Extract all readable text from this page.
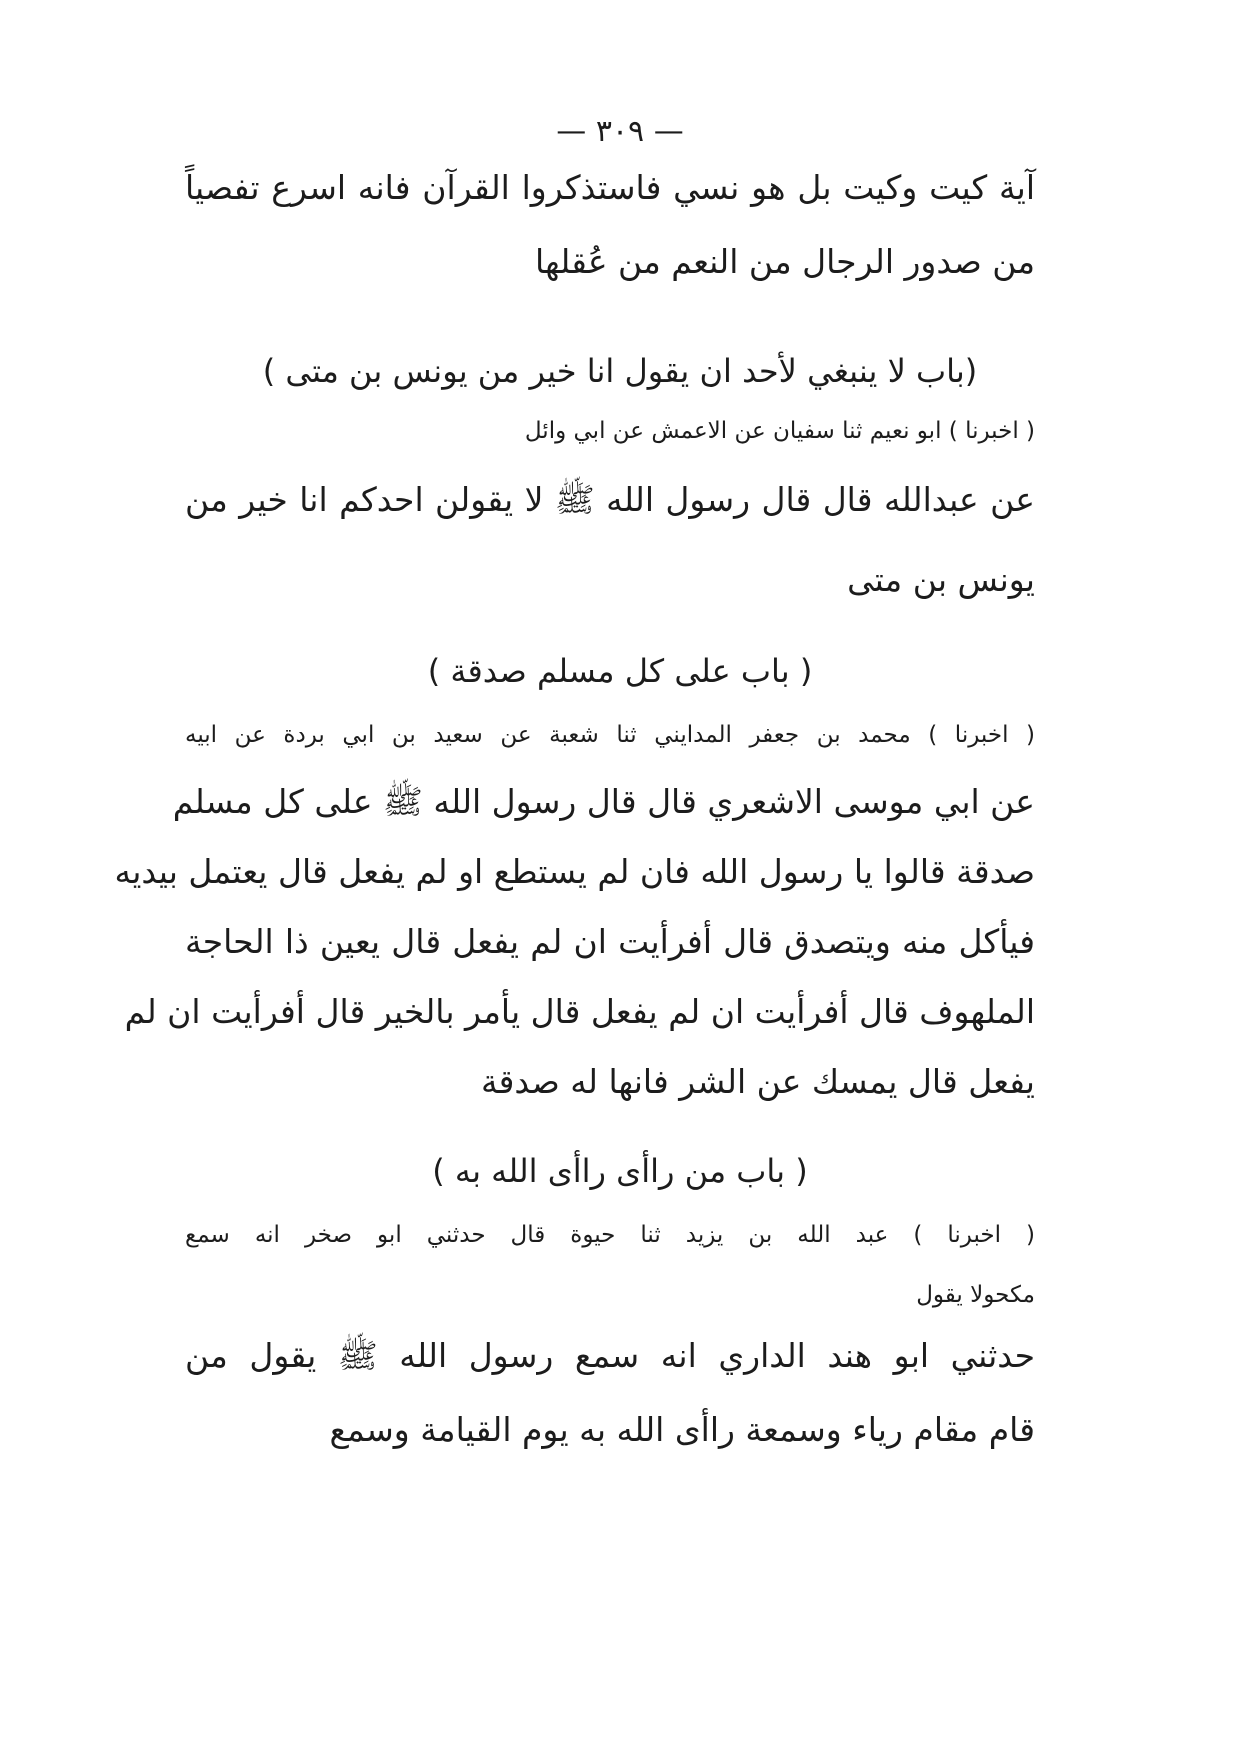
— ٣٠٩ —
آية كيت وكيت بل هو نسي فاستذكروا القرآن فانه اسرع تفصياً
من صدور الرجال من النعم من عُقلها
(باب لا ينبغي لأحد ان يقول انا خير من يونس بن متى )
( اخبرنا ) ابو نعيم ثنا سفيان عن الاعمش عن ابي وائل
عن عبدالله قال قال رسول الله ﷺ لا يقولن احدكم انا خير من
يونس بن متى
( باب على كل مسلم صدقة )
( اخبرنا ) محمد بن جعفر المدايني ثنا شعبة عن سعيد بن ابي بردة عن ابيه
عن ابي موسى الاشعري قال قال رسول الله ﷺ على كل مسلم
صدقة قالوا يا رسول الله فان لم يستطع او لم يفعل قال يعتمل بيديه
فيأكل منه ويتصدق قال أفرأيت ان لم يفعل قال يعين ذا الحاجة
الملهوف قال أفرأيت ان لم يفعل قال يأمر بالخير قال أفرأيت ان لم
يفعل قال يمسك عن الشر فانها له صدقة
( باب من راأى راأى الله به )
( اخبرنا ) عبد الله بن يزيد ثنا حيوة قال حدثني ابو صخر انه سمع
مكحولا يقول
حدثني ابو هند الداري انه سمع رسول الله ﷺ يقول من
قام مقام رياء وسمعة راأى الله به يوم القيامة وسمع
